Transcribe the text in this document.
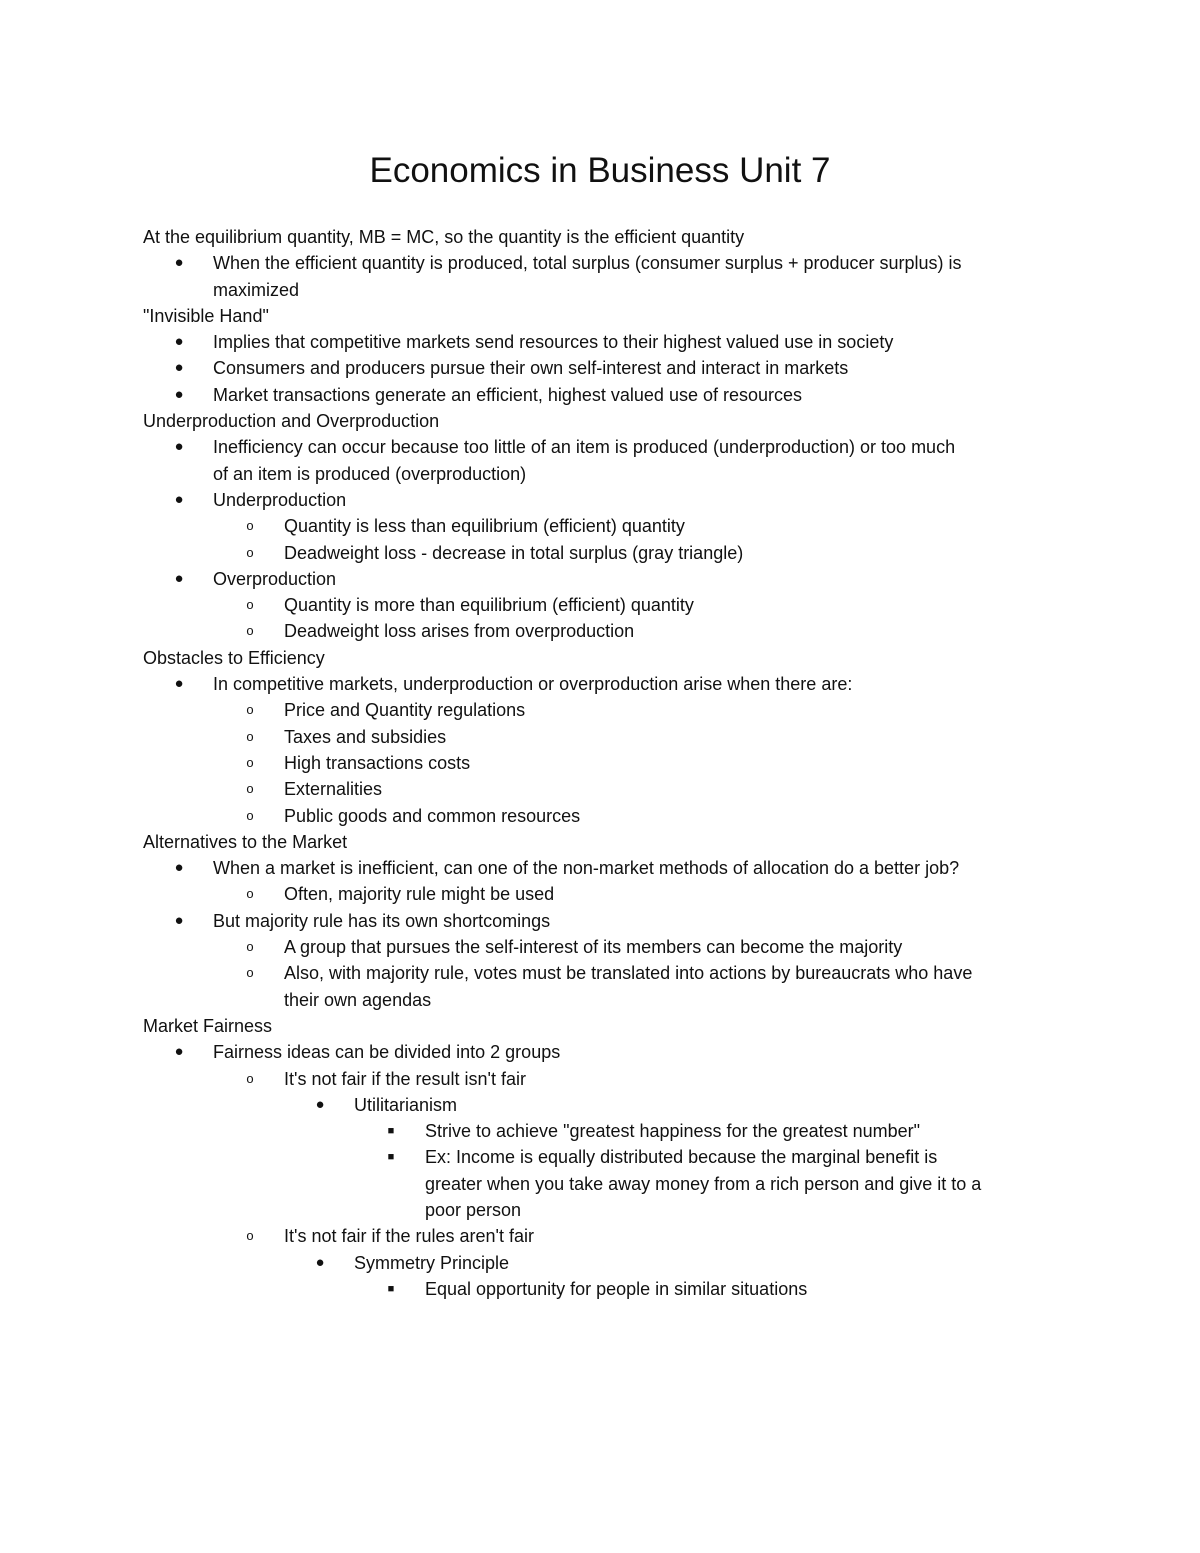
Economics in Business Unit 7
At the equilibrium quantity, MB = MC, so the quantity is the efficient quantity
●	When the efficient quantity is produced, total surplus (consumer surplus + producer surplus) is
maximized
"Invisible Hand"
●	Implies that competitive markets send resources to their highest valued use in society
●	Consumers and producers pursue their own self-interest and interact in markets
●	Market transactions generate an efficient, highest valued use of resources
Underproduction and Overproduction
●	Inefficiency can occur because too little of an item is produced (underproduction) or too much
of an item is produced (overproduction)
●	Underproduction
o	Quantity is less than equilibrium (efficient) quantity
o	Deadweight loss - decrease in total surplus (gray triangle)
●	Overproduction
o	Quantity is more than equilibrium (efficient) quantity
o	Deadweight loss arises from overproduction
Obstacles to Efficiency
●	In competitive markets, underproduction or overproduction arise when there are:
o	Price and Quantity regulations
o	Taxes and subsidies
o	High transactions costs
o	Externalities
o	Public goods and common resources
Alternatives to the Market
●	When a market is inefficient, can one of the non-market methods of allocation do a better job?
o	Often, majority rule might be used
●	But majority rule has its own shortcomings
o	A group that pursues the self-interest of its members can become the majority
o	Also, with majority rule, votes must be translated into actions by bureaucrats who have
their own agendas
Market Fairness
●	Fairness ideas can be divided into 2 groups
o	It's not fair if the result isn't fair
●	Utilitarianism
■	Strive to achieve "greatest happiness for the greatest number"
■	Ex: Income is equally distributed because the marginal benefit is
greater when you take away money from a rich person and give it to a
poor person
o	It's not fair if the rules aren't fair
●	Symmetry Principle
■	Equal opportunity for people in similar situations
